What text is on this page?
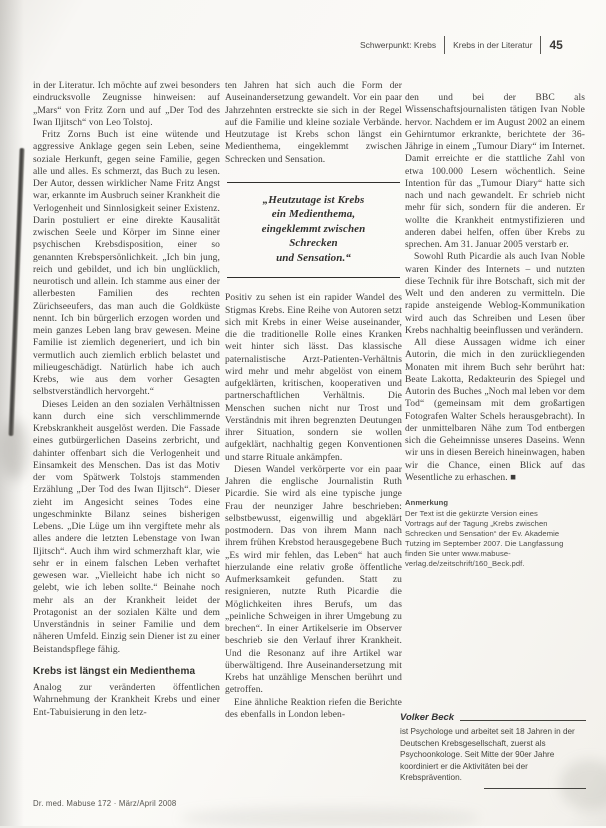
Schwerpunkt: Krebs Krebs in der Literatur 45

in der Literatur. Ich möchte auf zwei besonders eindrucksvolle Zeugnisse hinweisen: auf „Mars“ von Fritz Zorn und auf „Der Tod des Iwan Iljitsch“ von Leo Tolstoj.

Fritz Zorns Buch ist eine wütende und aggressive Anklage gegen sein Leben, seine soziale Herkunft, gegen seine Familie, gegen alle und alles. Es schmerzt, das Buch zu lesen. Der Autor, dessen wirklicher Name Fritz Angst war, erkannte im Ausbruch seiner Krankheit die Verlogenheit und Sinnlosigkeit seiner Existenz. Darin postuliert er eine direkte Kausalität zwischen Seele und Körper im Sinne einer psychischen Krebsdisposition, einer so genannten Krebspersönlichkeit. „Ich bin jung, reich und gebildet, und ich bin unglücklich, neurotisch und allein. Ich stamme aus einer der allerbesten Familien des rechten Zürichseeufers, das man auch die Goldküste nennt. Ich bin bürgerlich erzogen worden und mein ganzes Leben lang brav gewesen. Meine Familie ist ziemlich degeneriert, und ich bin vermutlich auch ziemlich erblich belastet und milieugeschädigt. Natürlich habe ich auch Krebs, wie aus dem vorher Gesagten selbstverständlich hervorgeht.“

Dieses Leiden an den sozialen Verhältnissen kann durch eine sich verschlimmernde Krebskrankheit ausgelöst werden. Die Fassade eines gutbürgerlichen Daseins zerbricht, und dahinter offenbart sich die Verlogenheit und Einsamkeit des Menschen. Das ist das Motiv der vom Spätwerk Tolstojs stammenden Erzählung „Der Tod des Iwan Iljitsch“. Dieser zieht im Angesicht seines Todes eine ungeschminkte Bilanz seines bisherigen Lebens. „Die Lüge um ihn vergiftete mehr als alles andere die letzten Lebenstage von Iwan Iljitsch“. Auch ihm wird schmerzhaft klar, wie sehr er in einem falschen Leben verhaftet gewesen war. „Vielleicht habe ich nicht so gelebt, wie ich leben sollte.“ Beinahe noch mehr als an der Krankheit leidet der Protagonist an der sozialen Kälte und dem Unverständnis in seiner Familie und dem näheren Umfeld. Einzig sein Diener ist zu einer Beistandspflege fähig.

Krebs ist längst ein Medienthema

Analog zur veränderten öffentlichen Wahrnehmung der Krankheit Krebs und einer Ent-Tabuisierung in den letz-

ten Jahren hat sich auch die Form der Auseinandersetzung gewandelt. Vor ein paar Jahrzehnten erstreckte sie sich in der Regel auf die Familie und kleine soziale Verbände. Heutzutage ist Krebs schon längst ein Medienthema, eingeklemmt zwischen Schrecken und Sensation.

„Heutzutage ist Krebs
ein Medienthema,
eingeklemmt zwischen
Schrecken
und Sensation.“

Positiv zu sehen ist ein rapider Wandel des Stigmas Krebs. Eine Reihe von Autoren setzt sich mit Krebs in einer Weise auseinander, die die traditionelle Rolle eines Kranken weit hinter sich lässt. Das klassische paternalistische Arzt-Patienten-Verhältnis wird mehr und mehr abgelöst von einem aufgeklärten, kritischen, kooperativen und partnerschaftlichen Verhältnis. Die Menschen suchen nicht nur Trost und Verständnis mit ihren begrenzten Deutungen ihrer Situation, sondern sie wollen aufgeklärt, nachhaltig gegen Konventionen und starre Rituale ankämpfen.

Diesen Wandel verkörperte vor ein paar Jahren die englische Journalistin Ruth Picardie. Sie wird als eine typische junge Frau der neunziger Jahre beschrieben: selbstbewusst, eigenwillig und abgeklärt postmodern. Das von ihrem Mann nach ihrem frühen Krebstod herausgegebene Buch „Es wird mir fehlen, das Leben“ hat auch hierzulande eine relativ große öffentliche Aufmerksamkeit gefunden. Statt zu resignieren, nutzte Ruth Picardie die Möglichkeiten ihres Berufs, um das „peinliche Schweigen in ihrer Umgebung zu brechen“. In einer Artikelserie im Observer beschrieb sie den Verlauf ihrer Krankheit. Und die Resonanz auf ihre Artikel war überwältigend. Ihre Auseinandersetzung mit Krebs hat unzählige Menschen berührt und getroffen.

Eine ähnliche Reaktion riefen die Berichte des ebenfalls in London leben-

den und bei der BBC als Wissenschaftsjournalisten tätigen Ivan Noble hervor. Nachdem er im August 2002 an einem Gehirntumor erkrankte, berichtete der 36-Jährige in einem „Tumour Diary“ im Internet. Damit erreichte er die stattliche Zahl von etwa 100.000 Lesern wöchentlich. Seine Intention für das „Tumour Diary“ hatte sich nach und nach gewandelt. Er schrieb nicht mehr für sich, sondern für die anderen. Er wollte die Krankheit entmystifizieren und anderen dabei helfen, offen über Krebs zu sprechen. Am 31. Januar 2005 verstarb er.

Sowohl Ruth Picardie als auch Ivan Noble waren Kinder des Internets – und nutzten diese Technik für ihre Botschaft, sich mit der Welt und den anderen zu vermitteln. Die rapide ansteigende Weblog-Kommunikation wird auch das Schreiben und Lesen über Krebs nachhaltig beeinflussen und verändern.

All diese Aussagen widme ich einer Autorin, die mich in den zurückliegenden Monaten mit ihrem Buch sehr berührt hat: Beate Lakotta, Redakteurin des Spiegel und Autorin des Buches „Noch mal leben vor dem Tod“ (gemeinsam mit dem großartigen Fotografen Walter Schels herausgebracht). In der unmittelbaren Nähe zum Tod entbergen sich die Geheimnisse unseres Daseins. Wenn wir uns in diesen Bereich hineinwagen, haben wir die Chance, einen Blick auf das Wesentliche zu erhaschen. ■

Anmerkung
Der Text ist die gekürzte Version eines Vortrags auf der Tagung „Krebs zwischen Schrecken und Sensation“ der Ev. Akademie Tutzing im September 2007. Die Langfassung finden Sie unter www.mabuse-verlag.de/zeitschrift/160_Beck.pdf.
Volker Beck
ist Psychologe und arbeitet seit 18 Jahren in der Deutschen Krebsgesellschaft, zuerst als Psychoonkologe. Seit Mitte der 90er Jahre koordiniert er die Aktivitäten bei der Krebsprävention.
Dr. med. Mabuse 172 · März/April 2008
